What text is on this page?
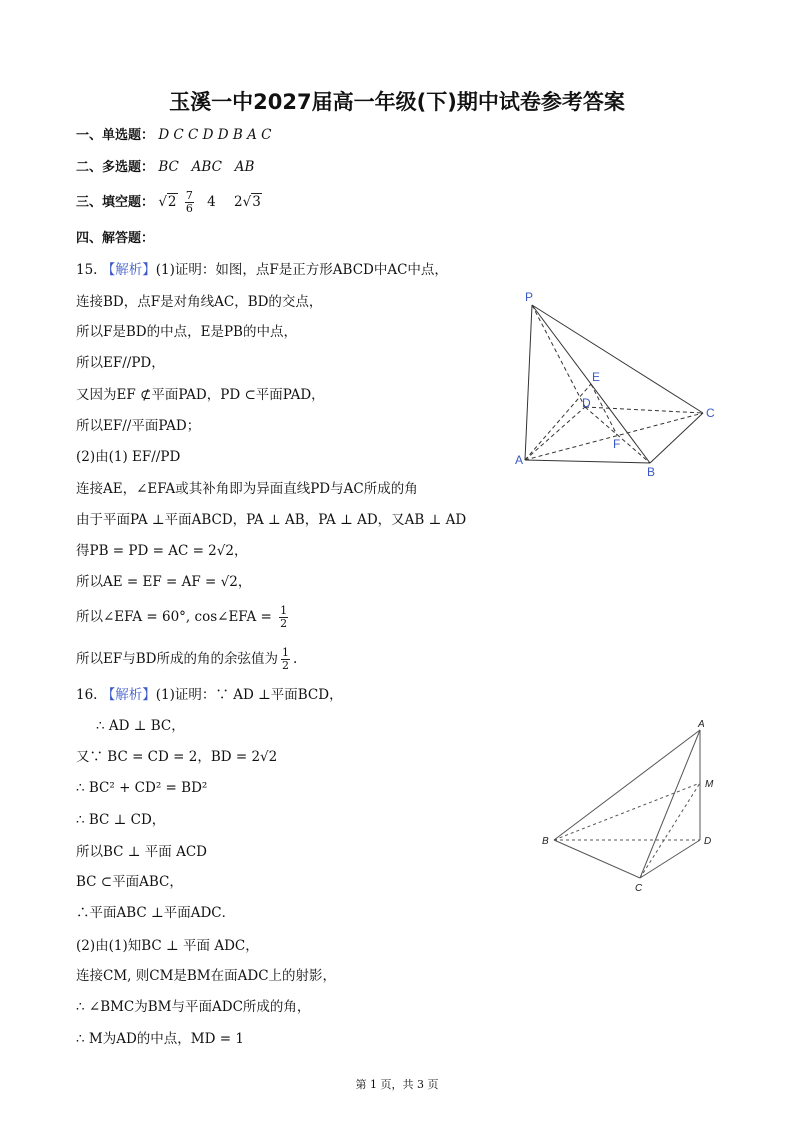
玉溪一中2027届高一年级(下)期中试卷参考答案
一、单选题： D C C D D B A C
二、多选题： BC   ABC   AB
三、填空题： $√2 \frac{7}{6} 4$ 2√3
四、解答题：
15. 【解析】(1)证明：如图，点F是正方形ABCD中AC中点，
连接BD，点F是对角线AC，BD的交点，
所以F是BD的中点，E是PB的中点，
所以EF//PD，
又因为EF ⊄平面PAD，PD ⊂平面PAD，
所以EF//平面PAD；
(2)由(1) EF//PD
连接AE，∠EFA或其补角即为异面直线PD与AC所成的角
由于平面PA ⊥平面ABCD，PA ⊥ AB，PA ⊥ AD，又AB ⊥ AD
得PB = PD = AC = 2√2，
所以AE = EF = AF = √2，
所以∠EFA = 60°, cos∠EFA = $\frac{1}{2}$
所以EF与BD所成的角的余弦值为 $\frac{1}{2}$ .
16. 【解析】(1)证明：∵ AD ⊥平面BCD，
∴ AD ⊥ BC，
又∵ BC = CD = 2，BD = 2√2
∴ BC² + CD² = BD²
∴ BC ⊥ CD，
所以BC ⊥ 平面 ACD
BC ⊂平面ABC，
∴平面ABC ⊥平面ADC．
(2)由(1)知BC ⊥ 平面 ADC，
连接CM, 则CM是BM在面ADC上的射影，
∴ ∠BMC为BM与平面ADC所成的角，
∴ M为AD的中点，MD = 1
P
E
D
C
A
F
B
A
M
B	D
C
第 1 页，共 3 页
